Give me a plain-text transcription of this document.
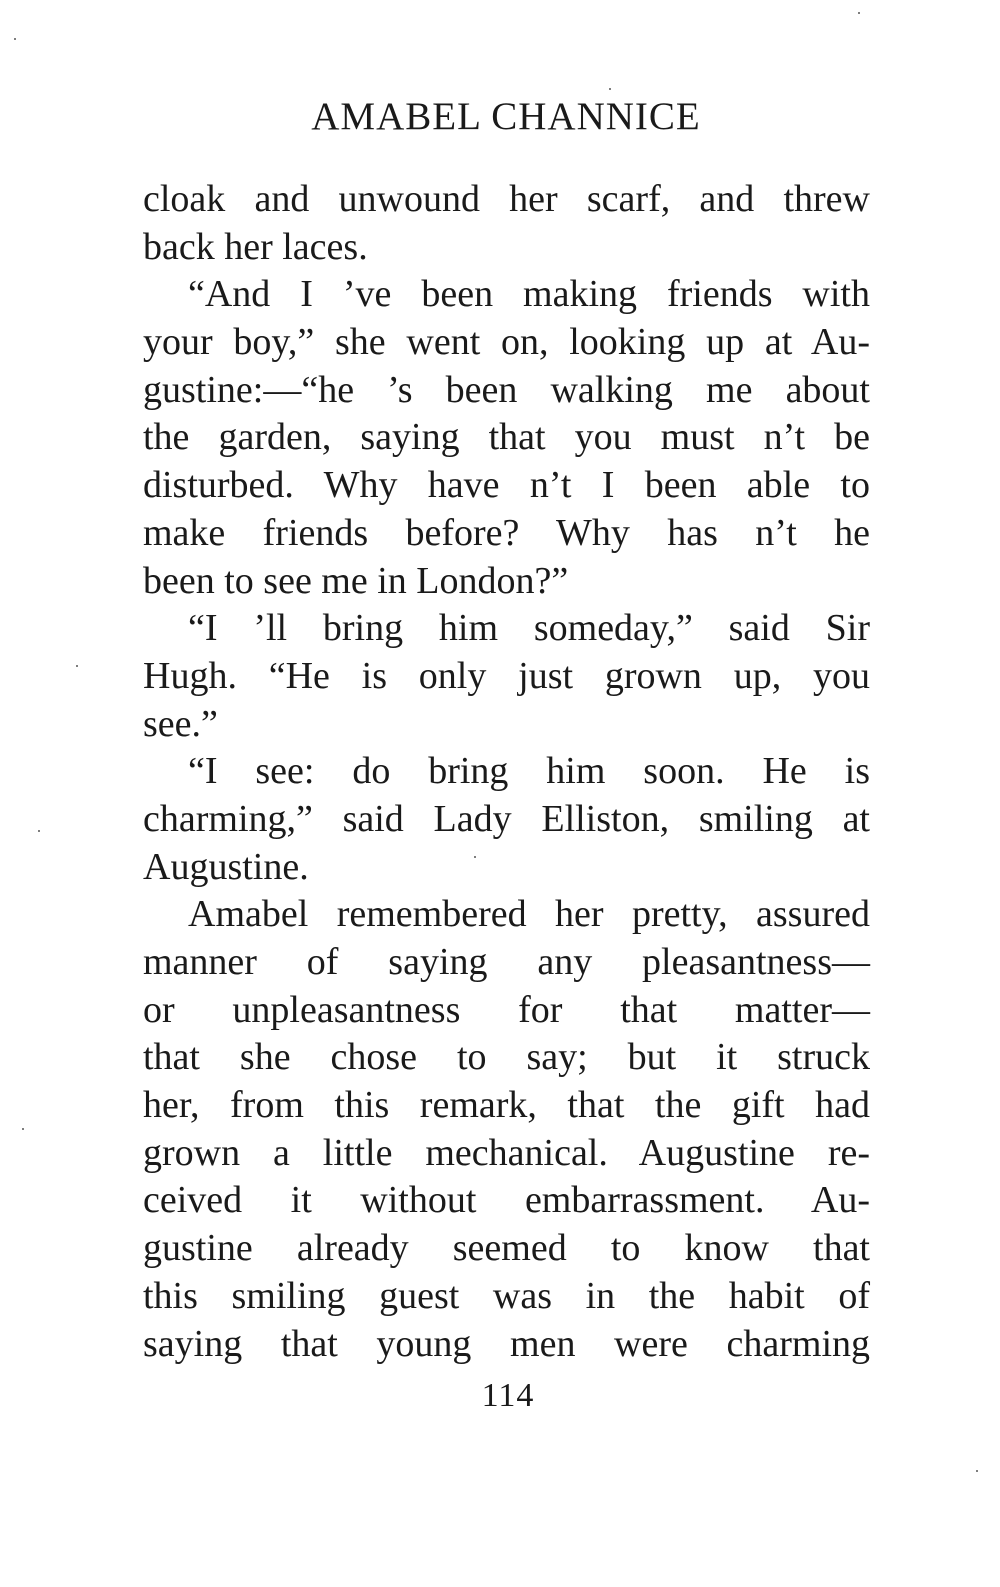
AMABEL CHANNICE
cloak and unwound her scarf, and threw
back her laces.
“And I ’ve been making friends with
your boy,” she went on, looking up at Au-
gustine:—“he ’s been walking me about
the garden, saying that you must n’t be
disturbed. Why have n’t I been able to
make friends before? Why has n’t he
been to see me in London?”
“I ’ll bring him someday,” said Sir
Hugh. “He is only just grown up, you
see.”
“I see: do bring him soon. He is
charming,” said Lady Elliston, smiling at
Augustine.
Amabel remembered her pretty, assured
manner of saying any pleasantness—
or unpleasantness for that matter—
that she chose to say; but it struck
her, from this remark, that the gift had
grown a little mechanical. Augustine re-
ceived it without embarrassment. Au-
gustine already seemed to know that
this smiling guest was in the habit of
saying that young men were charming
114
